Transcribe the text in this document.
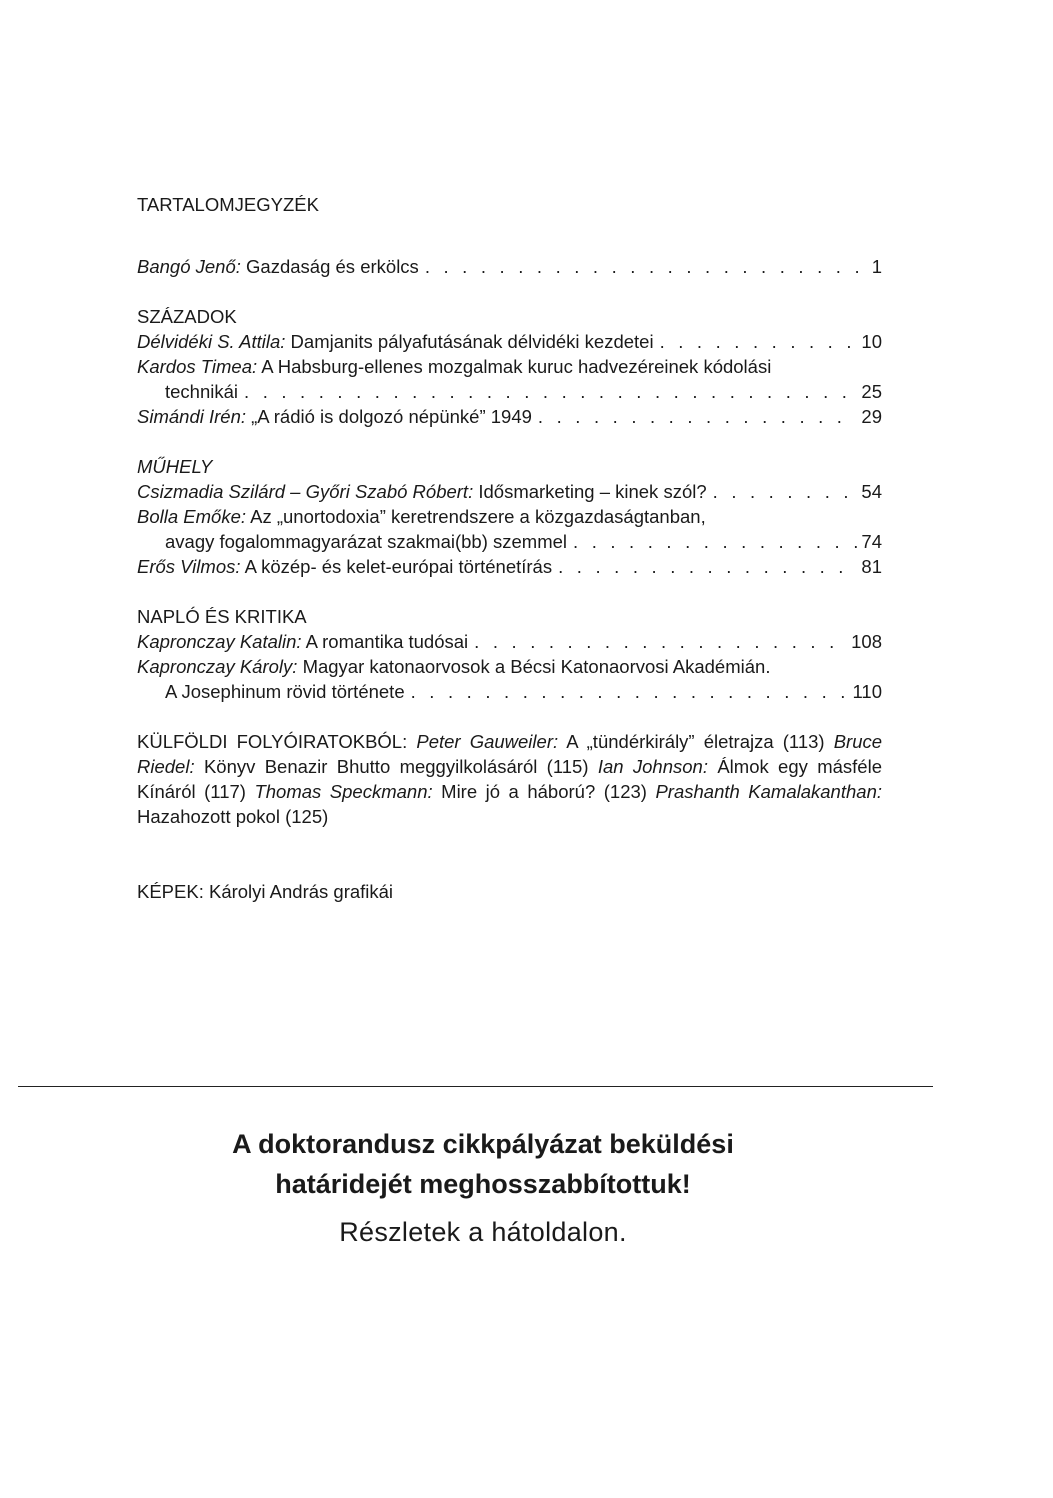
TARTALOMJEGYZÉK
Bangó Jenő: Gazdaság és erkölcs . . .	1
SZÁZADOK
Délvidéki S. Attila: Damjanits pályafutásának délvidéki kezdetei . . .	10
Kardos Timea: A Habsburg-ellenes mozgalmak kuruc hadvezéreinek kódolási
technikái . . .	25
Simándi Irén: „A rádió is dolgozó népünké” 1949 . . .	29
MŰHELY
Csizmadia Szilárd – Győri Szabó Róbert: Idősmarketing – kinek szól? . . .	54
Bolla Emőke: Az „unortodoxia” keretrendszere a közgazdaságtanban,
avagy fogalommagyarázat szakmai(bb) szemmel . . .	74
Erős Vilmos: A közép- és kelet-európai történetírás . . .	81
NAPLÓ ÉS KRITIKA
Kapronczay Katalin: A romantika tudósai . . .	108
Kapronczay Károly: Magyar katonaorvosok a Bécsi Katonaorvosi Akadémián.
A Josephinum rövid története . . .	110
KÜLFÖLDI FOLYÓIRATOKBÓL: Peter Gauweiler: A „tündérkirály” életrajza (113) Bruce Riedel: Könyv Benazir Bhutto meggyilkolásáról (115) Ian Johnson: Álmok egy másféle Kínáról (117) Thomas Speckmann: Mire jó a háború? (123) Prashanth Kamalakanthan: Hazahozott pokol (125)
KÉPEK: Károlyi András grafikái
A doktorandusz cikkpályázat beküldési
határidejét meghosszabbítottuk!
Részletek a hátoldalon.
